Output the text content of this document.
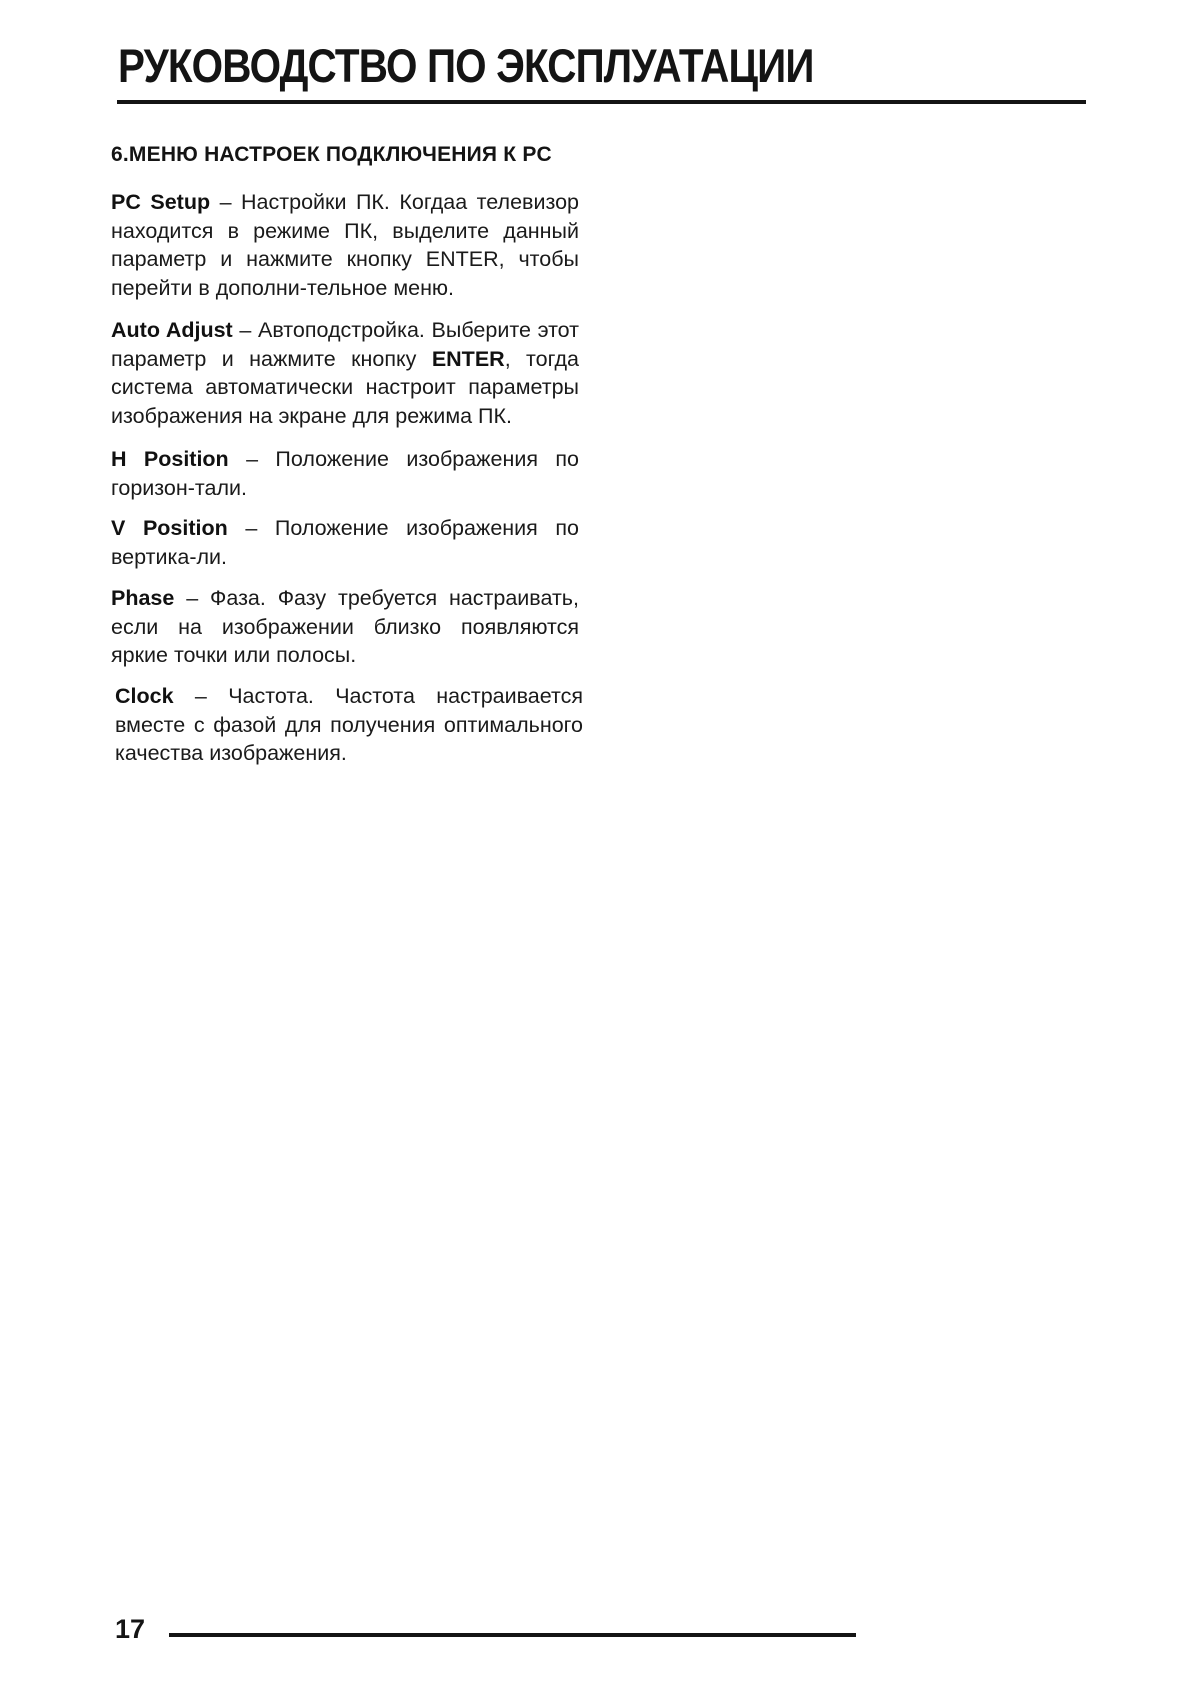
РУКОВОДСТВО ПО ЭКСПЛУАТАЦИИ
6.МЕНЮ НАСТРОЕК ПОДКЛЮЧЕНИЯ К PC

PC Setup – Настройки ПК. Когдаа телевизор находится в режиме ПК, выделите данный параметр и нажмите кнопку ENTER, чтобы перейти в дополни-тельное меню.

Auto Adjust – Автоподстройка. Выберите этот параметр и нажмите кнопку ENTER, тогда система автоматически настроит параметры изображения на экране для режима ПК.

H Position – Положение изображения по горизон-тали.

V Position – Положение изображения по вертика-ли.

Phase – Фаза. Фазу требуется настраивать, если на изображении близко появляются яркие точки или полосы.

Clock – Частота. Частота настраивается вместе с фазой для получения оптимального качества изображения.

17
